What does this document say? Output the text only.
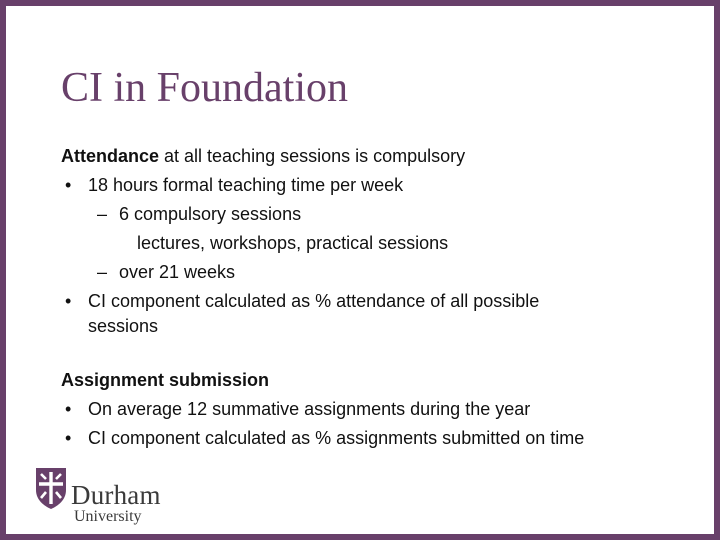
CI in Foundation
Attendance at all teaching sessions is compulsory
• 18 hours formal teaching time per week
– 6 compulsory sessions
lectures, workshops, practical sessions
– over 21 weeks
• CI component calculated as % attendance of all possible
sessions
Assignment submission
• On average 12 summative assignments during the year
• CI component calculated as % assignments submitted on time
Durham
University
